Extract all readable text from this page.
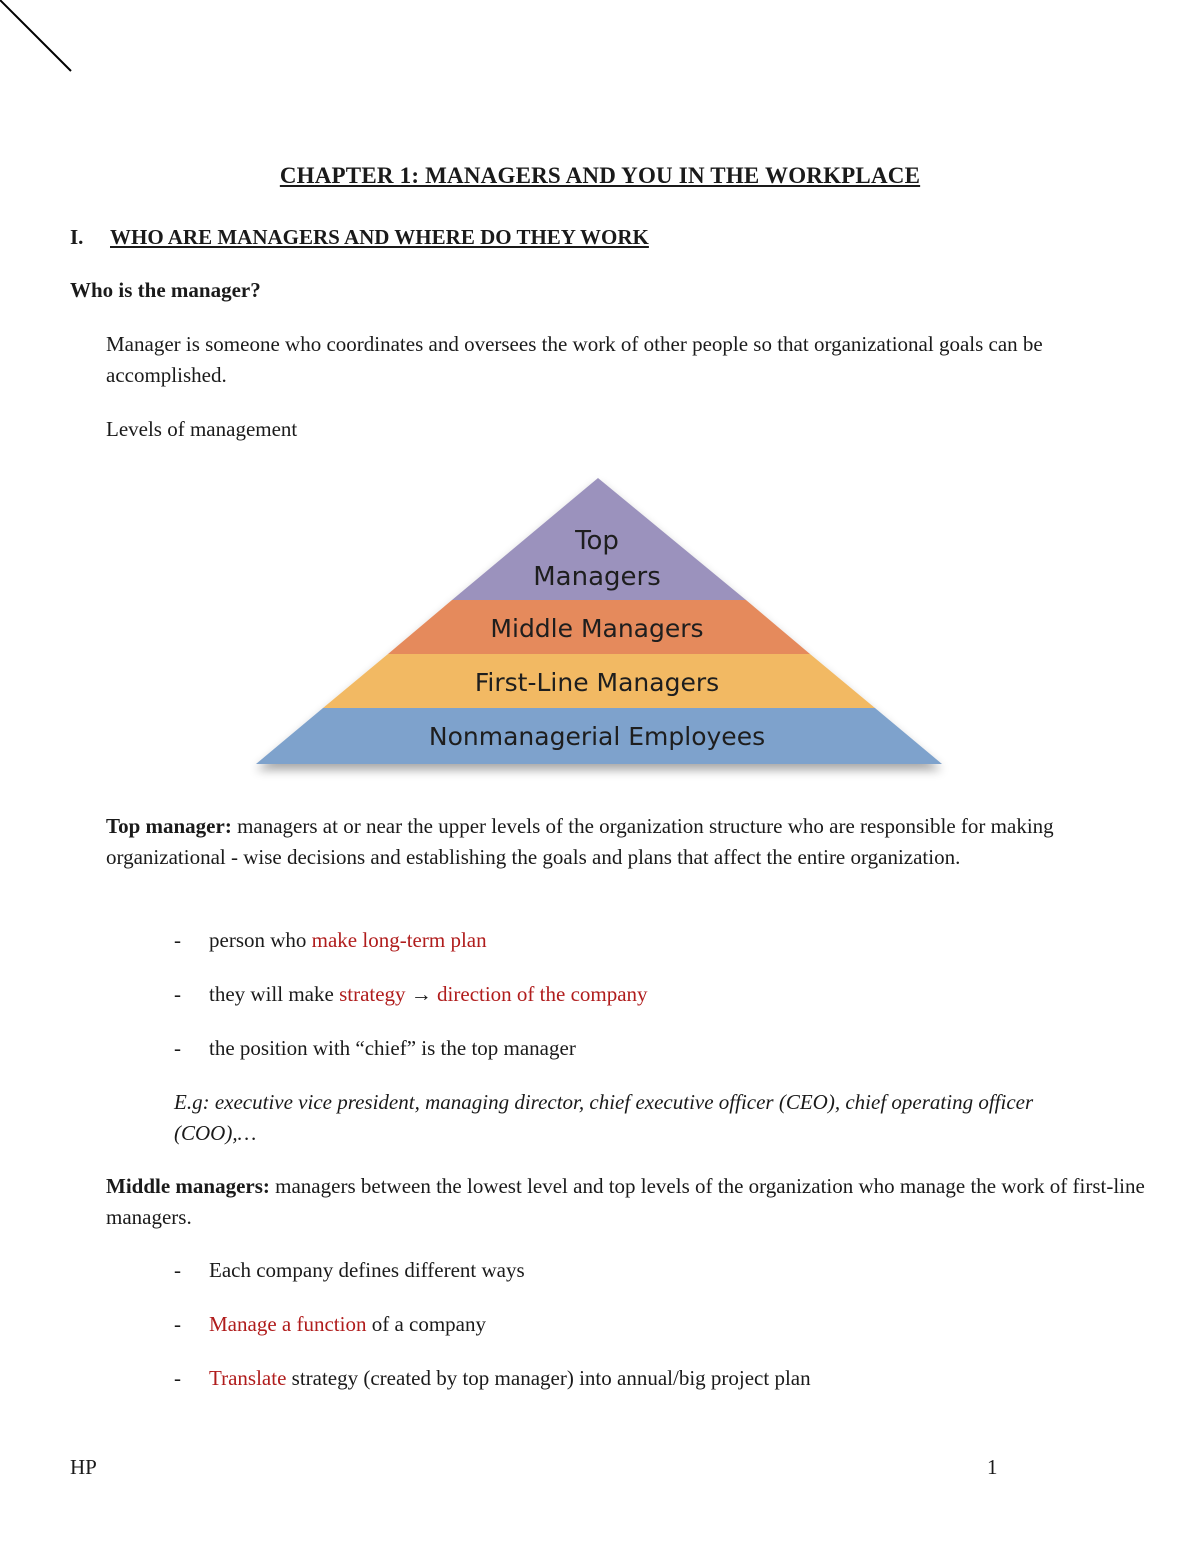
CHAPTER 1: MANAGERS AND YOU IN THE WORKPLACE
I. WHO ARE MANAGERS AND WHERE DO THEY WORK
Who is the manager?
Manager is someone who coordinates and oversees the work of other people so that organizational goals can be accomplished.
Levels of management
Top
Managers
Middle Managers
First-Line Managers
Nonmanagerial Employees
Top manager: managers at or near the upper levels of the organization structure who are responsible for making organizational - wise decisions and establishing the goals and plans that affect the entire organization.
- person who make long-term plan
- they will make strategy → direction of the company
- the position with “chief” is the top manager
E.g: executive vice president, managing director, chief executive officer (CEO), chief operating officer (COO),…
Middle managers: managers between the lowest level and top levels of the organization who manage the work of first-line managers.
- Each company defines different ways
- Manage a function of a company
- Translate strategy (created by top manager) into annual/big project plan
HP	1
